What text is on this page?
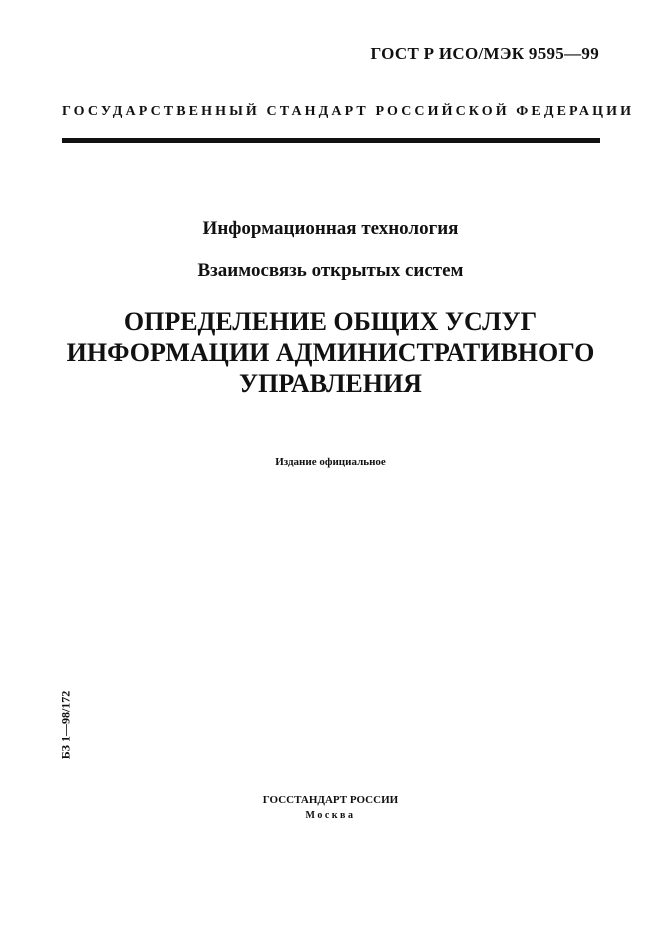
ГОСТ Р ИСО/МЭК 9595—99
ГОСУДАРСТВЕННЫЙ СТАНДАРТ РОССИЙСКОЙ ФЕДЕРАЦИИ
Информационная технология
Взаимосвязь открытых систем
ОПРЕДЕЛЕНИЕ ОБЩИХ УСЛУГ
ИНФОРМАЦИИ АДМИНИСТРАТИВНОГО
УПРАВЛЕНИЯ
Издание официальное
БЗ 1—98/172
ГОССТАНДАРТ РОССИИ
Москва
